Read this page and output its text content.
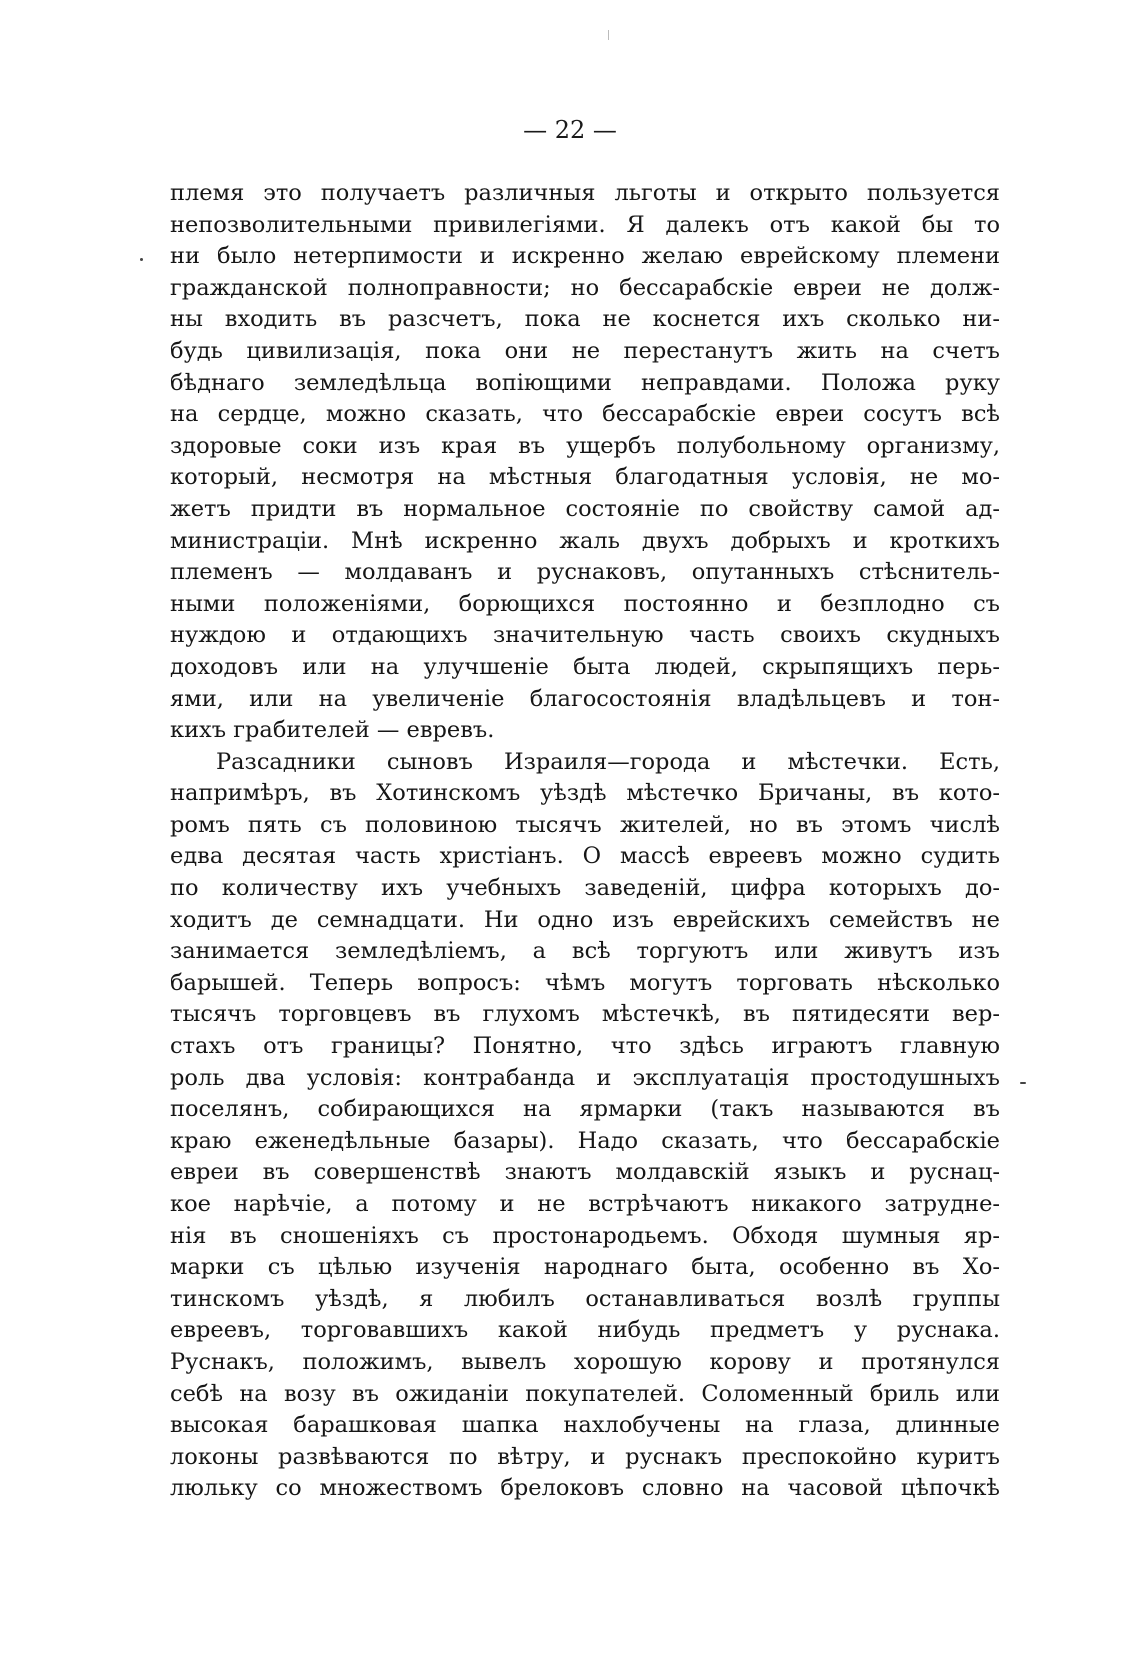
— 22 —
племя это получаетъ различныя льготы и открыто пользуется
непозволительными привилегіями. Я далекъ отъ какой бы то
ни было нетерпимости и искренно желаю еврейскому племени
гражданской полноправности; но бессарабскіе евреи не долж-
ны входить въ разсчетъ, пока не коснется ихъ сколько ни-
будь цивилизація, пока они не перестанутъ жить на счетъ
бѣднаго земледѣльца вопіющими неправдами. Положа руку
на сердце, можно сказать, что бессарабскіе евреи сосутъ всѣ
здоровые соки изъ края въ ущербъ полубольному организму,
который, несмотря на мѣстныя благодатныя условія, не мо-
жетъ придти въ нормальное состояніе по свойству самой ад-
министраціи. Мнѣ искренно жаль двухъ добрыхъ и кроткихъ
племенъ — молдаванъ и руснаковъ, опутанныхъ стѣснитель-
ными положеніями, борющихся постоянно и безплодно съ
нуждою и отдающихъ значительную часть своихъ скудныхъ
доходовъ или на улучшеніе быта людей, скрыпящихъ перь-
ями, или на увеличеніе благосостоянія владѣльцевъ и тон-
кихъ грабителей — евревъ.
Разсадники сыновъ Израиля—города и мѣстечки. Есть,
напримѣръ, въ Хотинскомъ уѣздѣ мѣстечко Бричаны, въ кото-
ромъ пять съ половиною тысячъ жителей, но въ этомъ числѣ
едва десятая часть христіанъ. О массѣ евреевъ можно судить
по количеству ихъ учебныхъ заведеній, цифра которыхъ до-
ходитъ де семнадцати. Ни одно изъ еврейскихъ семействъ не
занимается земледѣліемъ, а всѣ торгуютъ или живутъ изъ
барышей. Теперь вопросъ: чѣмъ могутъ торговать нѣсколько
тысячъ торговцевъ въ глухомъ мѣстечкѣ, въ пятидесяти вер-
стахъ отъ границы? Понятно, что здѣсь играютъ главную
роль два условія: контрабанда и эксплуатація простодушныхъ
поселянъ, собирающихся на ярмарки (такъ называются въ
краю еженедѣльные базары). Надо сказать, что бессарабскіе
евреи въ совершенствѣ знаютъ молдавскій языкъ и руснац-
кое нарѣчіе, а потому и не встрѣчаютъ никакого затрудне-
нія въ сношеніяхъ съ простонародьемъ. Обходя шумныя яр-
марки съ цѣлью изученія народнаго быта, особенно въ Хо-
тинскомъ уѣздѣ, я любилъ останавливаться возлѣ группы
евреевъ, торговавшихъ какой нибудь предметъ у руснака.
Руснакъ, положимъ, вывелъ хорошую корову и протянулся
себѣ на возу въ ожиданіи покупателей. Соломенный бриль или
высокая барашковая шапка нахлобучены на глаза, длинные
локоны развѣваются по вѣтру, и руснакъ преспокойно куритъ
люльку со множествомъ брелоковъ словно на часовой цѣпочкѣ
